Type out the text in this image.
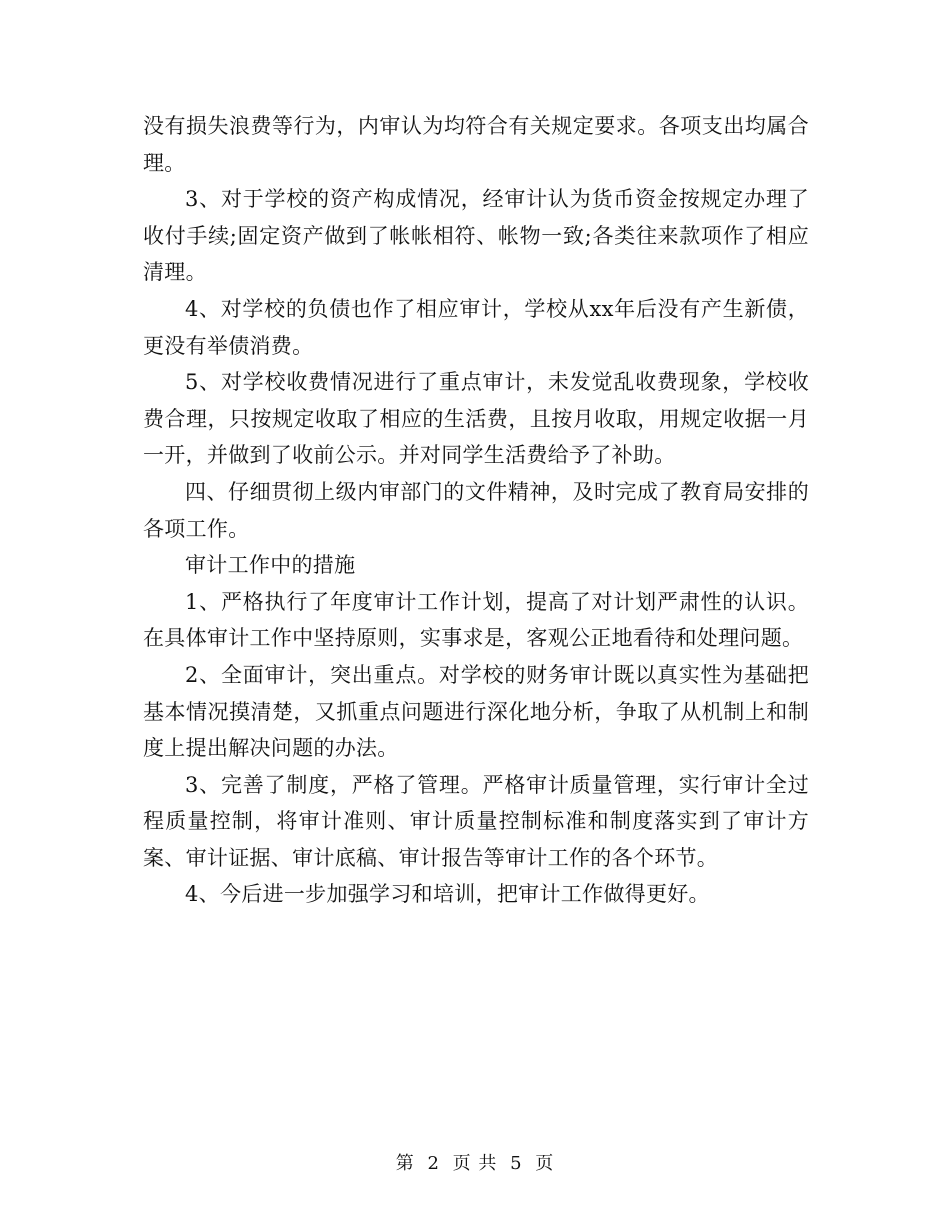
没有损失浪费等行为，内审认为均符合有关规定要求。各项支出均属合理。

3、对于学校的资产构成情况，经审计认为货币资金按规定办理了收付手续;固定资产做到了帐帐相符、帐物一致;各类往来款项作了相应清理。

4、对学校的负债也作了相应审计，学校从xx年后没有产生新债，更没有举债消费。

5、对学校收费情况进行了重点审计，未发觉乱收费现象，学校收费合理，只按规定收取了相应的生活费，且按月收取，用规定收据一月一开，并做到了收前公示。并对同学生活费给予了补助。

四、仔细贯彻上级内审部门的文件精神，及时完成了教育局安排的各项工作。

审计工作中的措施

1、严格执行了年度审计工作计划，提高了对计划严肃性的认识。在具体审计工作中坚持原则，实事求是，客观公正地看待和处理问题。

2、全面审计，突出重点。对学校的财务审计既以真实性为基础把基本情况摸清楚，又抓重点问题进行深化地分析，争取了从机制上和制度上提出解决问题的办法。

3、完善了制度，严格了管理。严格审计质量管理，实行审计全过程质量控制，将审计准则、审计质量控制标准和制度落实到了审计方案、审计证据、审计底稿、审计报告等审计工作的各个环节。

4、今后进一步加强学习和培训，把审计工作做得更好。

第 2 页 共 5 页
